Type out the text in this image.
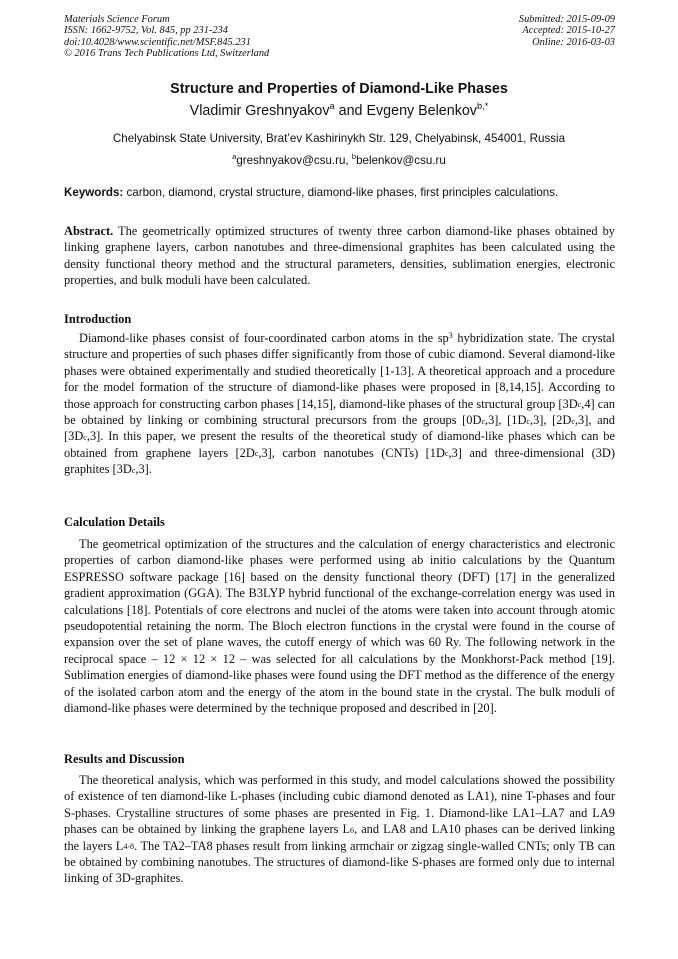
Materials Science Forum
ISSN: 1662-9752, Vol. 845, pp 231-234
doi:10.4028/www.scientific.net/MSF.845.231
© 2016 Trans Tech Publications Ltd, Switzerland
Submitted: 2015-09-09
Accepted: 2015-10-27
Online: 2016-03-03
Structure and Properties of Diamond-Like Phases
Vladimir Greshnyakov$^a$ and Evgeny Belenkov$^{b,*}$
Chelyabinsk State University, Brat’ev Kashirinykh Str. 129, Chelyabinsk, 454001, Russia
$^a$greshnyakov@csu.ru, $^b$belenkov@csu.ru
Keywords: carbon, diamond, crystal structure, diamond-like phases, first principles calculations.
Abstract. The geometrically optimized structures of twenty three carbon diamond-like phases obtained by linking graphene layers, carbon nanotubes and three-dimensional graphites has been calculated using the density functional theory method and the structural parameters, densities, sublimation energies, electronic properties, and bulk moduli have been calculated.
Introduction

Diamond-like phases consist of four-coordinated carbon atoms in the $sp^3$ hybridization state. The crystal structure and properties of such phases differ significantly from those of cubic diamond. Several diamond-like phases were obtained experimentally and studied theoretically [1-13]. A theoretical approach and a procedure for the model formation of the structure of diamond-like phases were proposed in [8,14,15]. According to those approach for constructing carbon phases [14,15], diamond-like phases of the structural group $[3D_c,4]$ can be obtained by linking or combining structural precursors from the groups $[0D_c,3]$, $[1D_c,3]$, $[2D_c,3]$, and $[3D_c,3]$. In this paper, we present the results of the theoretical study of diamond-like phases which can be obtained from graphene layers $[2D_c,3]$, carbon nanotubes (CNTs) $[1D_c,3]$ and three-dimensional (3D) graphites $[3D_c,3]$.

Calculation Details

The geometrical optimization of the structures and the calculation of energy characteristics and electronic properties of carbon diamond-like phases were performed using ab initio calculations by the Quantum ESPRESSO software package [16] based on the density functional theory (DFT) [17] in the generalized gradient approximation (GGA). The B3LYP hybrid functional of the exchange-correlation energy was used in calculations [18]. Potentials of core electrons and nuclei of the atoms were taken into account through atomic pseudopotential retaining the norm. The Bloch electron functions in the crystal were found in the course of expansion over the set of plane waves, the cutoff energy of which was 60 Ry. The following network in the reciprocal space – 12 × 12 × 12 – was selected for all calculations by the Monkhorst-Pack method [19]. Sublimation energies of diamond-like phases were found using the DFT method as the difference of the energy of the isolated carbon atom and the energy of the atom in the bound state in the crystal. The bulk moduli of diamond-like phases were determined by the technique proposed and described in [20].

Results and Discussion

The theoretical analysis, which was performed in this study, and model calculations showed the possibility of existence of ten diamond-like L-phases (including cubic diamond denoted as LA1), nine T-phases and four S-phases. Crystalline structures of some phases are presented in Fig. 1. Diamond-like LA1–LA7 and LA9 phases can be obtained by linking the graphene layers $L_6$, and LA8 and LA10 phases can be derived linking the layers $L_{4-8}$. The TA2–TA8 phases result from linking armchair or zigzag single-walled CNTs; only TB can be obtained by combining nanotubes. The structures of diamond-like S-phases are formed only due to internal linking of 3D-graphites.
